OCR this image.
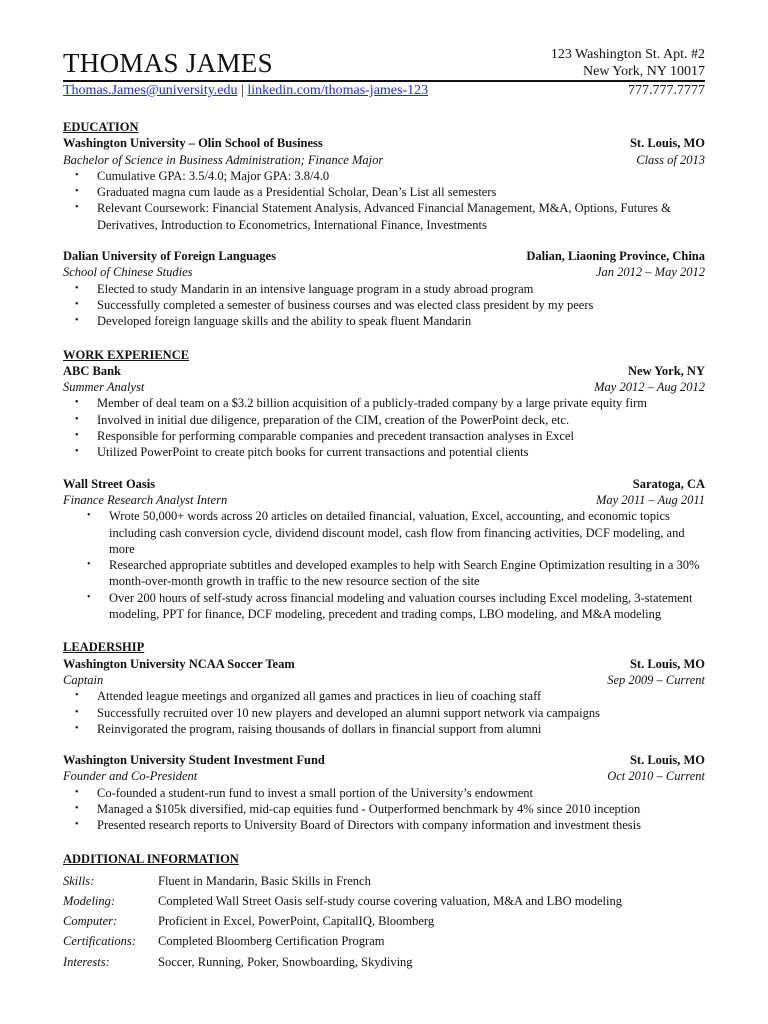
THOMAS JAMES	123 Washington St. Apt. #2
New York, NY 10017
Thomas.James@university.edu | linkedin.com/thomas-james-123	777.777.7777

EDUCATION

Washington University – Olin School of Business	St. Louis, MO
Bachelor of Science in Business Administration; Finance Major	Class of 2013
• Cumulative GPA: 3.5/4.0; Major GPA: 3.8/4.0
• Graduated magna cum laude as a Presidential Scholar, Dean’s List all semesters
• Relevant Coursework: Financial Statement Analysis, Advanced Financial Management, M&A, Options, Futures & Derivatives, Introduction to Econometrics, International Finance, Investments
Dalian University of Foreign Languages	Dalian, Liaoning Province, China
School of Chinese Studies	Jan 2012 – May 2012
• Elected to study Mandarin in an intensive language program in a study abroad program
• Successfully completed a semester of business courses and was elected class president by my peers
• Developed foreign language skills and the ability to speak fluent Mandarin

WORK EXPERIENCE

ABC Bank	New York, NY
Summer Analyst	May 2012 – Aug 2012
• Member of deal team on a $3.2 billion acquisition of a publicly-traded company by a large private equity firm
• Involved in initial due diligence, preparation of the CIM, creation of the PowerPoint deck, etc.
• Responsible for performing comparable companies and precedent transaction analyses in Excel
• Utilized PowerPoint to create pitch books for current transactions and potential clients
Wall Street Oasis	Saratoga, CA
Finance Research Analyst Intern	May 2011 – Aug 2011
• Wrote 50,000+ words across 20 articles on detailed financial, valuation, Excel, accounting, and economic topics including cash conversion cycle, dividend discount model, cash flow from financing activities, DCF modeling, and more
• Researched appropriate subtitles and developed examples to help with Search Engine Optimization resulting in a 30% month-over-month growth in traffic to the new resource section of the site
• Over 200 hours of self-study across financial modeling and valuation courses including Excel modeling, 3-statement modeling, PPT for finance, DCF modeling, precedent and trading comps, LBO modeling, and M&A modeling

LEADERSHIP

Washington University NCAA Soccer Team	St. Louis, MO
Captain	Sep 2009 – Current
• Attended league meetings and organized all games and practices in lieu of coaching staff
• Successfully recruited over 10 new players and developed an alumni support network via campaigns
• Reinvigorated the program, raising thousands of dollars in financial support from alumni
Washington University Student Investment Fund	St. Louis, MO
Founder and Co-President	Oct 2010 – Current
• Co-founded a student-run fund to invest a small portion of the University’s endowment
• Managed a $105k diversified, mid-cap equities fund - Outperformed benchmark by 4% since 2010 inception
• Presented research reports to University Board of Directors with company information and investment thesis

ADDITIONAL INFORMATION

Skills:	Fluent in Mandarin, Basic Skills in French
Modeling:	Completed Wall Street Oasis self-study course covering valuation, M&A and LBO modeling
Computer:	Proficient in Excel, PowerPoint, CapitalIQ, Bloomberg
Certifications:	Completed Bloomberg Certification Program
Interests:	Soccer, Running, Poker, Snowboarding, Skydiving
